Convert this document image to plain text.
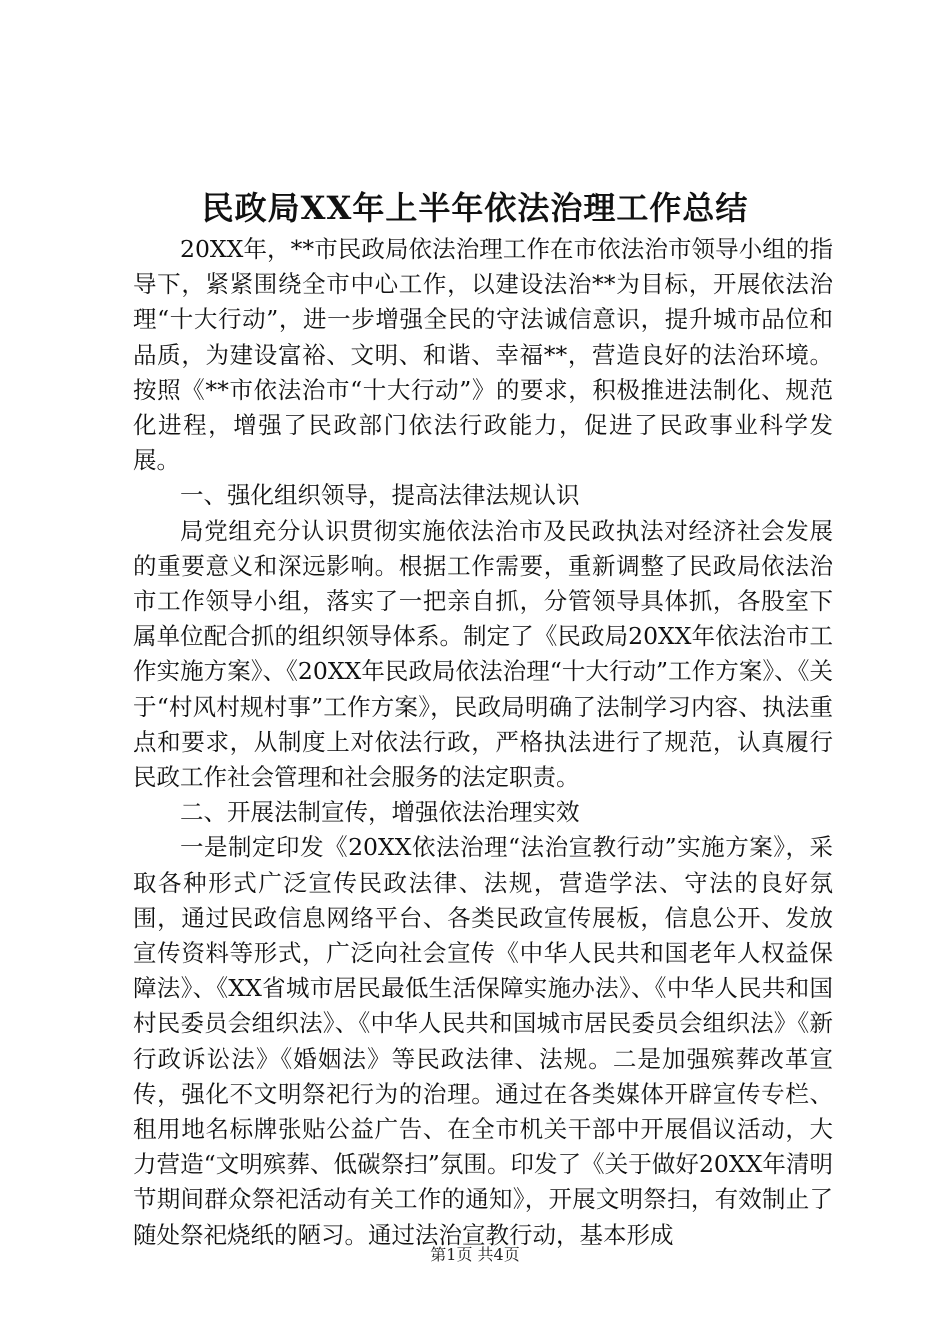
民政局XX年上半年依法治理工作总结

20XX年，**市民政局依法治理工作在市依法治市领导小组的指导下，紧紧围绕全市中心工作，以建设法治**为目标，开展依法治理“十大行动”，进一步增强全民的守法诚信意识，提升城市品位和品质，为建设富裕、文明、和谐、幸福**，营造良好的法治环境。按照《**市依法治市“十大行动”》的要求，积极推进法制化、规范化进程，增强了民政部门依法行政能力，促进了民政事业科学发展。

一、强化组织领导，提高法律法规认识

局党组充分认识贯彻实施依法治市及民政执法对经济社会发展的重要意义和深远影响。根据工作需要，重新调整了民政局依法治市工作领导小组，落实了一把亲自抓，分管领导具体抓，各股室下属单位配合抓的组织领导体系。制定了《民政局20XX年依法治市工作实施方案》、《20XX年民政局依法治理“十大行动”工作方案》、《关于“村风村规村事”工作方案》，民政局明确了法制学习内容、执法重点和要求，从制度上对依法行政，严格执法进行了规范，认真履行民政工作社会管理和社会服务的法定职责。

二、开展法制宣传，增强依法治理实效

一是制定印发《20XX依法治理“法治宣教行动”实施方案》，采取各种形式广泛宣传民政法律、法规，营造学法、守法的良好氛围，通过民政信息网络平台、各类民政宣传展板，信息公开、发放宣传资料等形式，广泛向社会宣传《中华人民共和国老年人权益保障法》、《XX省城市居民最低生活保障实施办法》、《中华人民共和国村民委员会组织法》、《中华人民共和国城市居民委员会组织法》《新行政诉讼法》《婚姻法》等民政法律、法规。二是加强殡葬改革宣传，强化不文明祭祀行为的治理。通过在各类媒体开辟宣传专栏、租用地名标牌张贴公益广告、在全市机关干部中开展倡议活动，大力营造“文明殡葬、低碳祭扫”氛围。印发了《关于做好20XX年清明节期间群众祭祀活动有关工作的通知》，开展文明祭扫，有效制止了随处祭祀烧纸的陋习。通过法治宣教行动，基本形成

第1页 共4页
